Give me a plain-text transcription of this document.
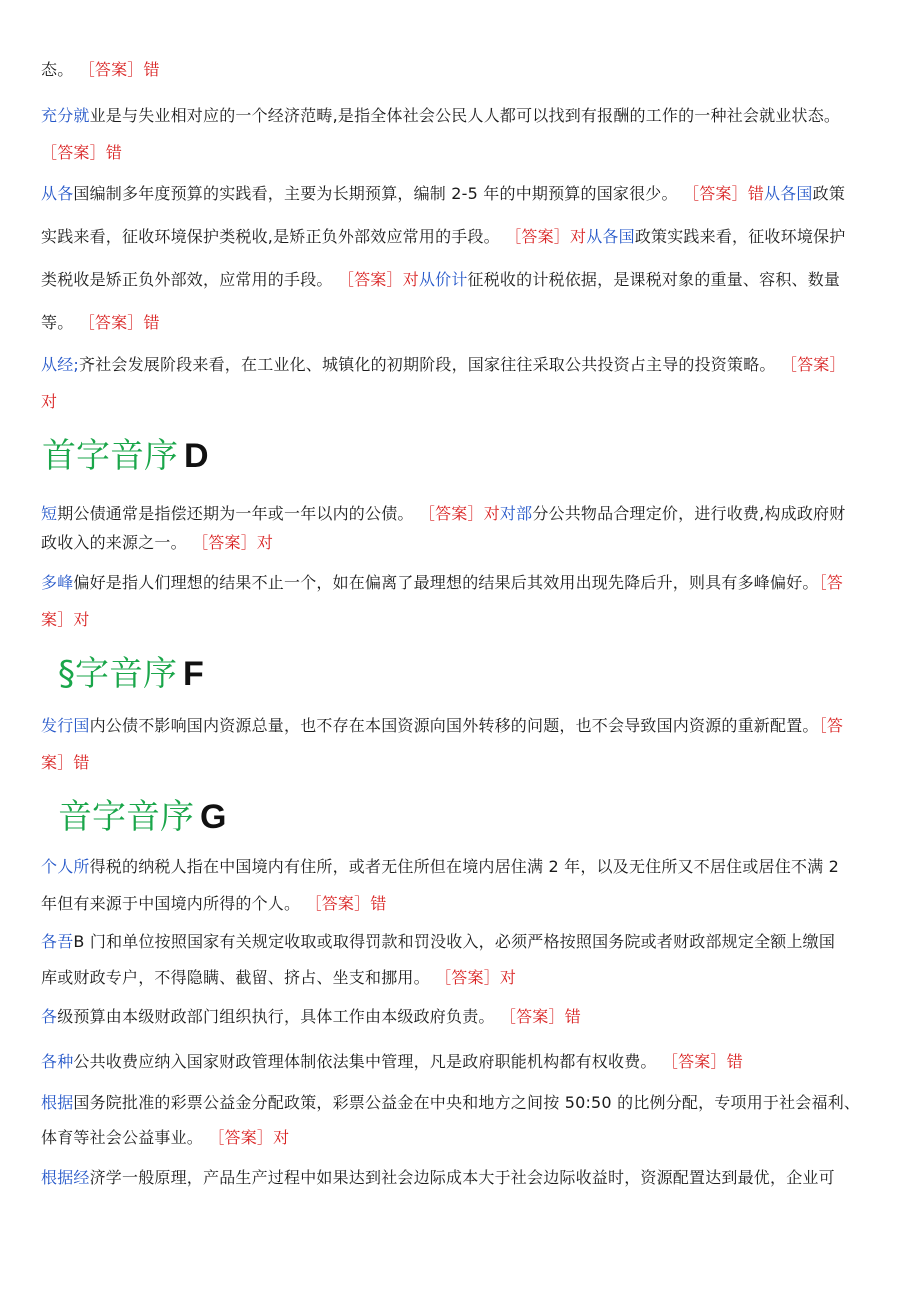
态。 ［答案］错
充分就业是与失业相对应的一个经济范畴,是指全体社会公民人人都可以找到有报酬的工作的一种社会就业状态。
［答案］错
从各国编制多年度预算的实践看，主要为长期预算，编制 2-5 年的中期预算的国家很少。 ［答案］错从各国政策
实践来看，征收环境保护类税收,是矫正负外部效应常用的手段。 ［答案］对从各国政策实践来看，征收环境保护
类税收是矫正负外部效，应常用的手段。 ［答案］对从价计征税收的计税依据，是课税对象的重量、容积、数量
等。 ［答案］错
从经;齐社会发展阶段来看，在工业化、城镇化的初期阶段，国家往往采取公共投资占主导的投资策略。 ［答案］
对
首字音序 D
短期公债通常是指偿还期为一年或一年以内的公债。 ［答案］对对部分公共物品合理定价，进行收费,构成政府财
政收入的来源之一。 ［答案］对
多峰偏好是指人们理想的结果不止一个，如在偏离了最理想的结果后其效用出现先降后升，则具有多峰偏好。［答
案］对
§字音序 F
发行国内公债不影响国内资源总量，也不存在本国资源向国外转移的问题，也不会导致国内资源的重新配置。［答
案］错
音字音序 G
个人所得税的纳税人指在中国境内有住所，或者无住所但在境内居住满 2 年，以及无住所又不居住或居住不满 2
年但有来源于中国境内所得的个人。 ［答案］错
各吾B 门和单位按照国家有关规定收取或取得罚款和罚没收入，必须严格按照国务院或者财政部规定全额上缴国
库或财政专户，不得隐瞒、截留、挤占、坐支和挪用。 ［答案］对
各级预算由本级财政部门组织执行，具体工作由本级政府负责。 ［答案］错
各种公共收费应纳入国家财政管理体制依法集中管理，凡是政府职能机构都有权收费。 ［答案］错
根据国务院批准的彩票公益金分配政策，彩票公益金在中央和地方之间按 50:50 的比例分配，专项用于社会福利、
体育等社会公益事业。 ［答案］对
根据经济学一般原理，产品生产过程中如果达到社会边际成本大于社会边际收益时，资源配置达到最优，企业可
